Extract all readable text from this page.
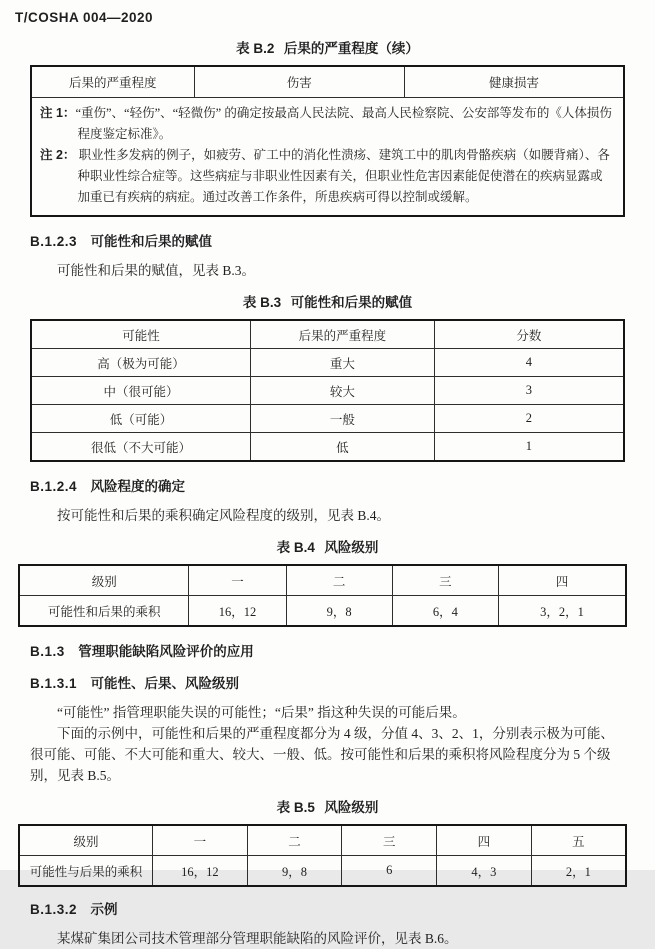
T/COSHA 004—2020
表 B.2 后果的严重程度（续）
后果的严重程度	伤害	健康损害

注 1：“重伤”、“轻伤”、“轻微伤” 的确定按最高人民法院、最高人民检察院、公安部等发布的《人体损伤程度鉴定标准》。
注 2： 职业性多发病的例子，如疲劳、矿工中的消化性溃疡、建筑工中的肌肉骨骼疾病（如腰背痛）、各种职业性综合症等。这些病症与非职业性因素有关，但职业性危害因素能促使潜在的疾病显露或加重已有疾病的病症。通过改善工作条件，所患疾病可得以控制或缓解。
B.1.2.3 可能性和后果的赋值

可能性和后果的赋值，见表 B.3。

表 B.3 可能性和后果的赋值
可能性	后果的严重程度	分数
高（极为可能）	重大	4
中（很可能）	较大	3
低（可能）	一般	2
很低（不大可能）	低	1
B.1.2.4 风险程度的确定

按可能性和后果的乘积确定风险程度的级别，见表 B.4。

表 B.4 风险级别
级别	一	二	三	四
可能性和后果的乘积	16，12	9，8	6，4	3，2，1
B.1.3 管理职能缺陷风险评价的应用
B.1.3.1 可能性、后果、风险级别

“可能性” 指管理职能失误的可能性；“后果” 指这种失误的可能后果。

下面的示例中，可能性和后果的严重程度都分为 4 级，分值 4、3、2、1，分别表示极为可能、很可能、可能、不大可能和重大、较大、一般、低。按可能性和后果的乘积将风险程度分为 5 个级别，见表 B.5。

表 B.5 风险级别
级别	一	二	三	四	五
可能性与后果的乘积	16，12	9，8	6	4，3	2，1
B.1.3.2 示例

某煤矿集团公司技术管理部分管理职能缺陷的风险评价，见表 B.6。
